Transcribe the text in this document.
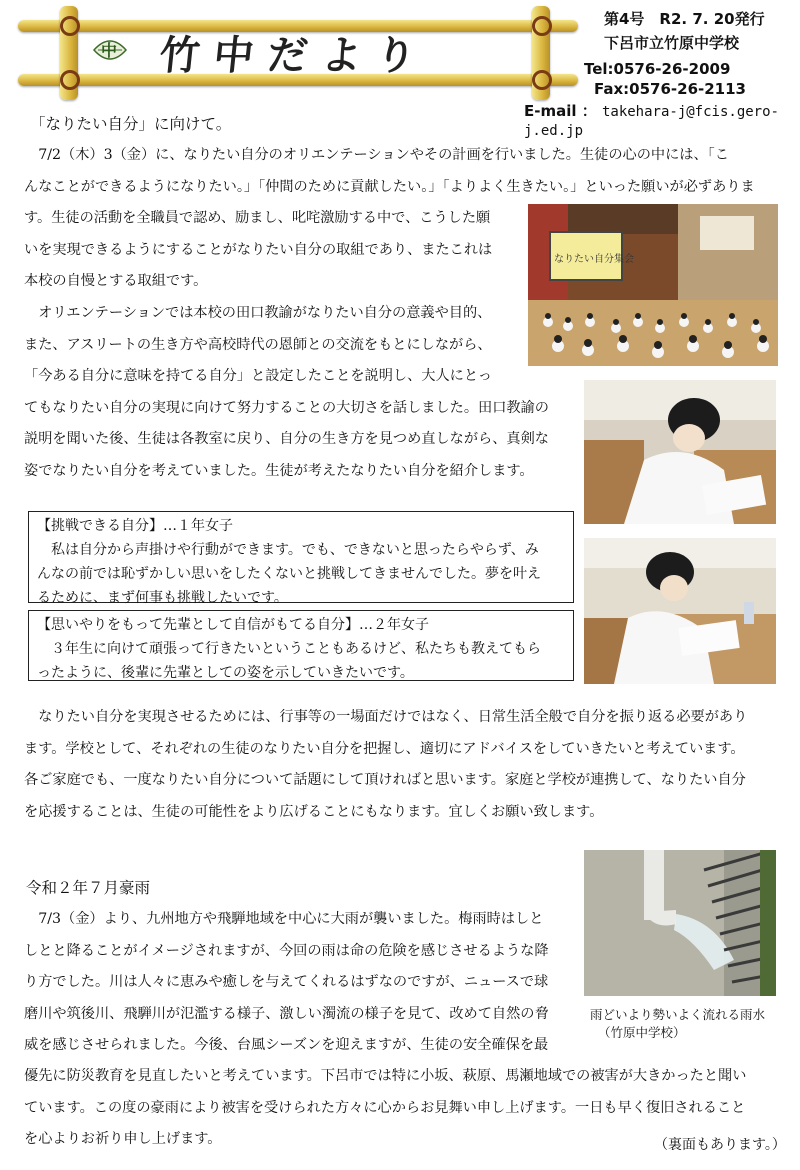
中 竹中だより
第4号　R2. 7. 20発行
下呂市立竹原中学校
Tel:0576-26-2009
Fax:0576-26-2113
E-mail ： takehara-j@fcis.gero-j.ed.jp
「なりたい自分」に向けて。

7/2（木）3（金）に、なりたい自分のオリエンテーションやその計画を行いました。生徒の心の中には、「こ

んなことができるようになりたい。」「仲間のために貢献したい。」「よりよく生きたい。」といった願いが必ずありま

す。生徒の活動を全職員で認め、励まし、叱咤激励する中で、こうした願

いを実現できるようにすることがなりたい自分の取組であり、またこれは

本校の自慢とする取組です。

オリエンテーションでは本校の田口教諭がなりたい自分の意義や目的、

また、アスリートの生き方や高校時代の恩師との交流をもとにしながら、

「今ある自分に意味を持てる自分」と設定したことを説明し、大人にとっ

てもなりたい自分の実現に向けて努力することの大切さを話しました。田口教諭の

説明を聞いた後、生徒は各教室に戻り、自分の生き方を見つめ直しながら、真剣な

姿でなりたい自分を考えていました。生徒が考えたなりたい自分を紹介します。

なりたい自分集会
【挑戦できる自分】…１年女子
私は自分から声掛けや行動ができます。でも、できないと思ったらやらず、み
んなの前では恥ずかしい思いをしたくないと挑戦してきませんでした。夢を叶え
るために、まず何事も挑戦したいです。
【思いやりをもって先輩として自信がもてる自分】…２年女子
３年生に向けて頑張って行きたいということもあるけど、私たちも教えてもら
ったように、後輩に先輩としての姿を示していきたいです。

なりたい自分を実現させるためには、行事等の一場面だけではなく、日常生活全般で自分を振り返る必要があり

ます。学校として、それぞれの生徒のなりたい自分を把握し、適切にアドバイスをしていきたいと考えています。

各ご家庭でも、一度なりたい自分について話題にして頂ければと思います。家庭と学校が連携して、なりたい自分

を応援することは、生徒の可能性をより広げることにもなります。宜しくお願い致します。

令和２年７月豪雨

7/3（金）より、九州地方や飛騨地域を中心に大雨が襲いました。梅雨時はしと

しとと降ることがイメージされますが、今回の雨は命の危険を感じさせるような降

り方でした。川は人々に恵みや癒しを与えてくれるはずなのですが、ニュースで球

磨川や筑後川、飛騨川が氾濫する様子、激しい濁流の様子を見て、改めて自然の脅

威を感じさせられました。今後、台風シーズンを迎えますが、生徒の安全確保を最

雨どいより勢いよく流れる雨水
（竹原中学校）

優先に防災教育を見直したいと考えています。下呂市では特に小坂、萩原、馬瀬地域での被害が大きかったと聞い

ています。この度の豪雨により被害を受けられた方々に心からお見舞い申し上げます。一日も早く復旧されること

を心よりお祈り申し上げます。	（裏面もあります。）
